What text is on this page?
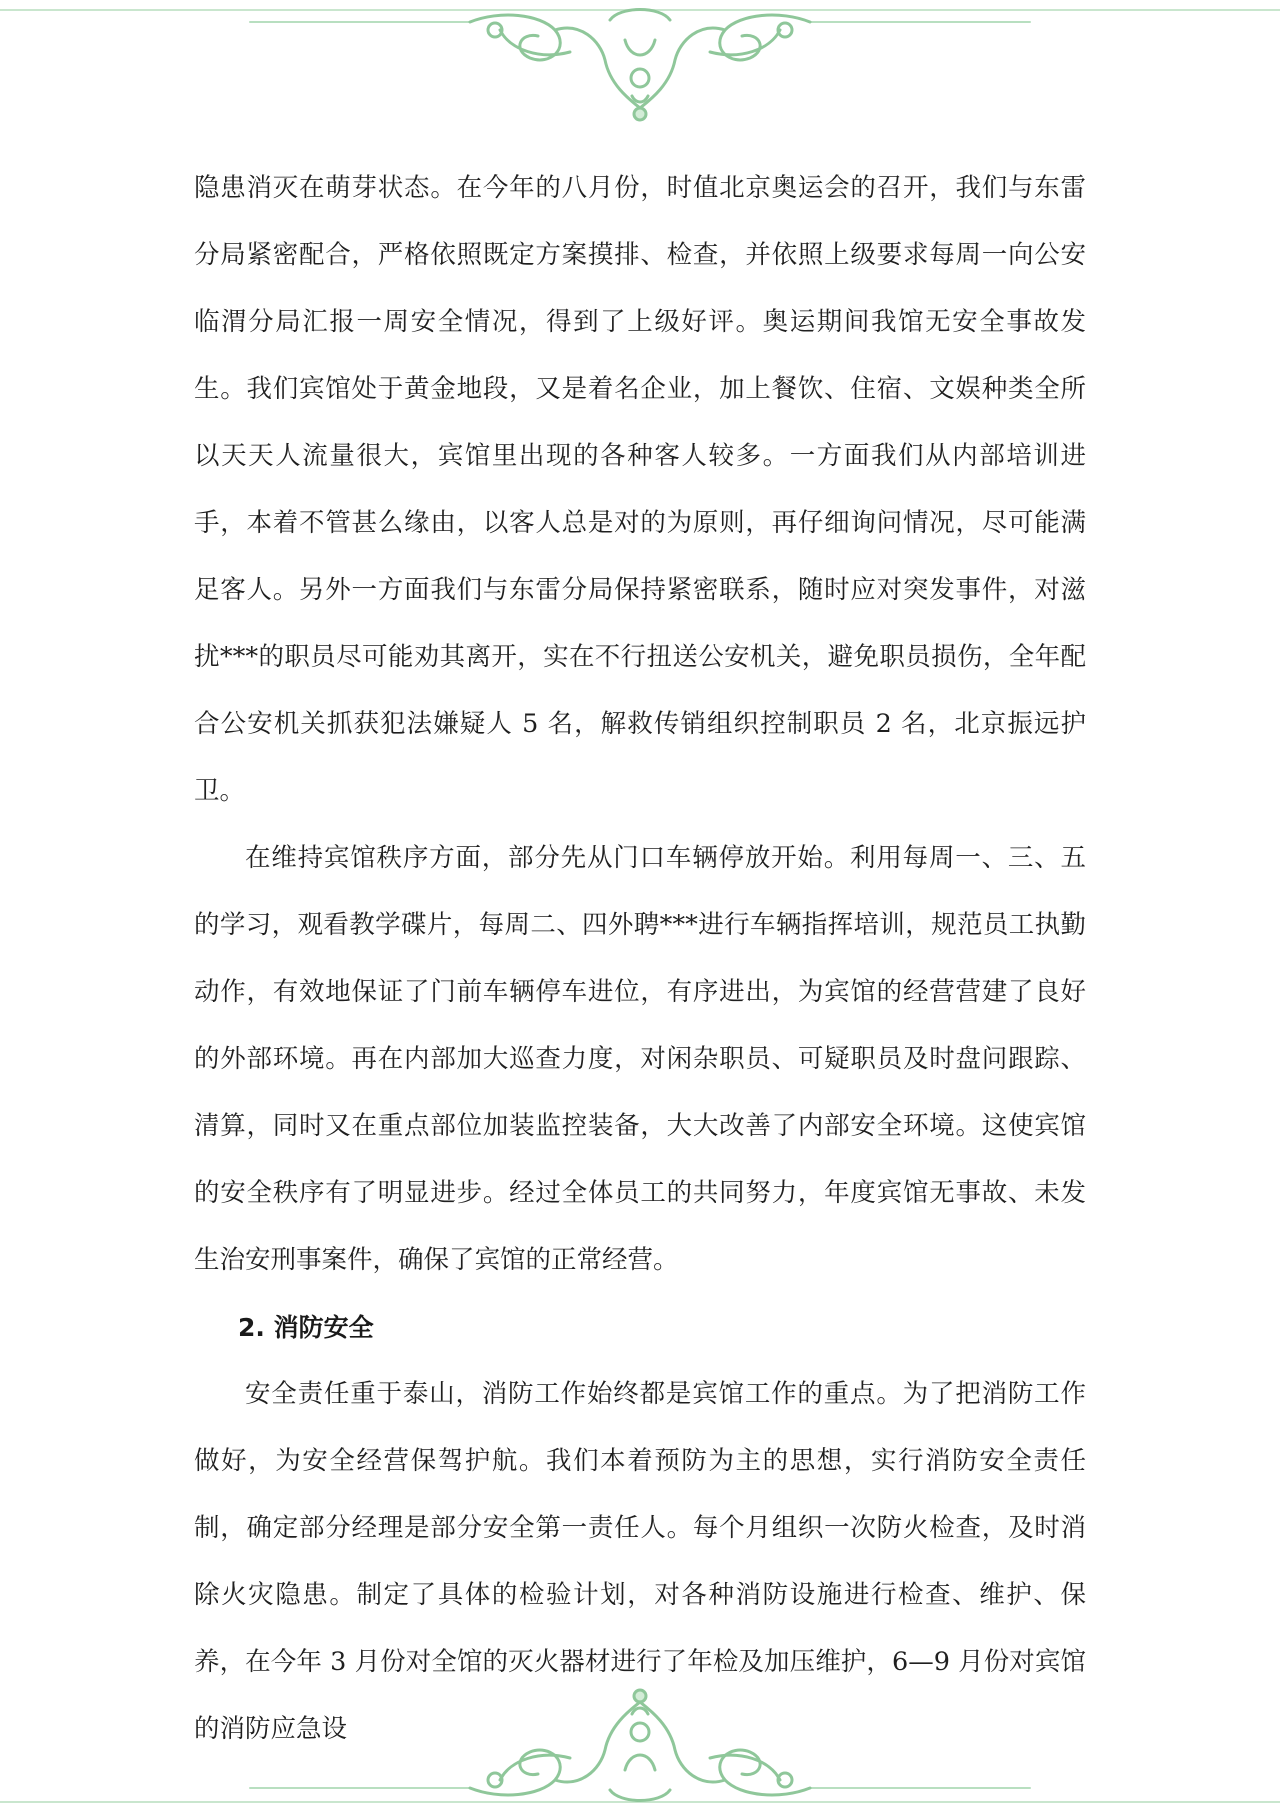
隐患消灭在萌芽状态。在今年的八月份，时值北京奥运会的召开，我们与东雷分局紧密配合，严格依照既定方案摸排、检查，并依照上级要求每周一向公安临渭分局汇报一周安全情况，得到了上级好评。奥运期间我馆无安全事故发生。我们宾馆处于黄金地段，又是着名企业，加上餐饮、住宿、文娱种类全所以天天人流量很大，宾馆里出现的各种客人较多。一方面我们从内部培训进手，本着不管甚么缘由，以客人总是对的为原则，再仔细询问情况，尽可能满足客人。另外一方面我们与东雷分局保持紧密联系，随时应对突发事件，对滋扰***的职员尽可能劝其离开，实在不行扭送公安机关，避免职员损伤，全年配合公安机关抓获犯法嫌疑人 5 名，解救传销组织控制职员 2 名，北京振远护卫。

在维持宾馆秩序方面，部分先从门口车辆停放开始。利用每周一、三、五的学习，观看教学碟片，每周二、四外聘***进行车辆指挥培训，规范员工执勤动作，有效地保证了门前车辆停车进位，有序进出，为宾馆的经营营建了良好的外部环境。再在内部加大巡查力度，对闲杂职员、可疑职员及时盘问跟踪、清算，同时又在重点部位加装监控装备，大大改善了内部安全环境。这使宾馆的安全秩序有了明显进步。经过全体员工的共同努力，年度宾馆无事故、未发生治安刑事案件，确保了宾馆的正常经营。

2. 消防安全

安全责任重于泰山，消防工作始终都是宾馆工作的重点。为了把消防工作做好，为安全经营保驾护航。我们本着预防为主的思想，实行消防安全责任制，确定部分经理是部分安全第一责任人。每个月组织一次防火检查，及时消除火灾隐患。制定了具体的检验计划，对各种消防设施进行检查、维护、保养，在今年 3 月份对全馆的灭火器材进行了年检及加压维护，6—9 月份对宾馆的消防应急设
